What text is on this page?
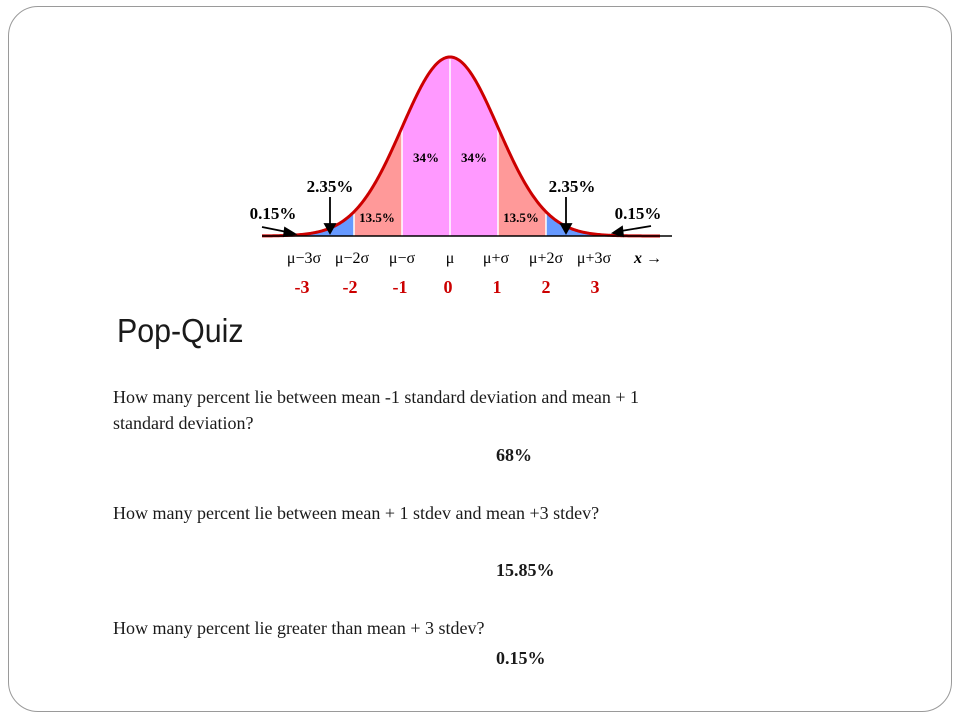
34% 34%
13.5%	13.5%
2.35%	2.35%
0.15%	0.15%
μ−3σ μ−2σ μ−σ μ μ+σ μ+2σ μ+3σ x →
-3 -2 -1 0 1 2 3
Pop-Quiz

How many percent lie between mean -1 standard deviation and mean + 1 standard deviation?

68%

How many percent lie between mean + 1 stdev and mean +3 stdev?

15.85%

How many percent lie greater than mean + 3 stdev?

0.15%
